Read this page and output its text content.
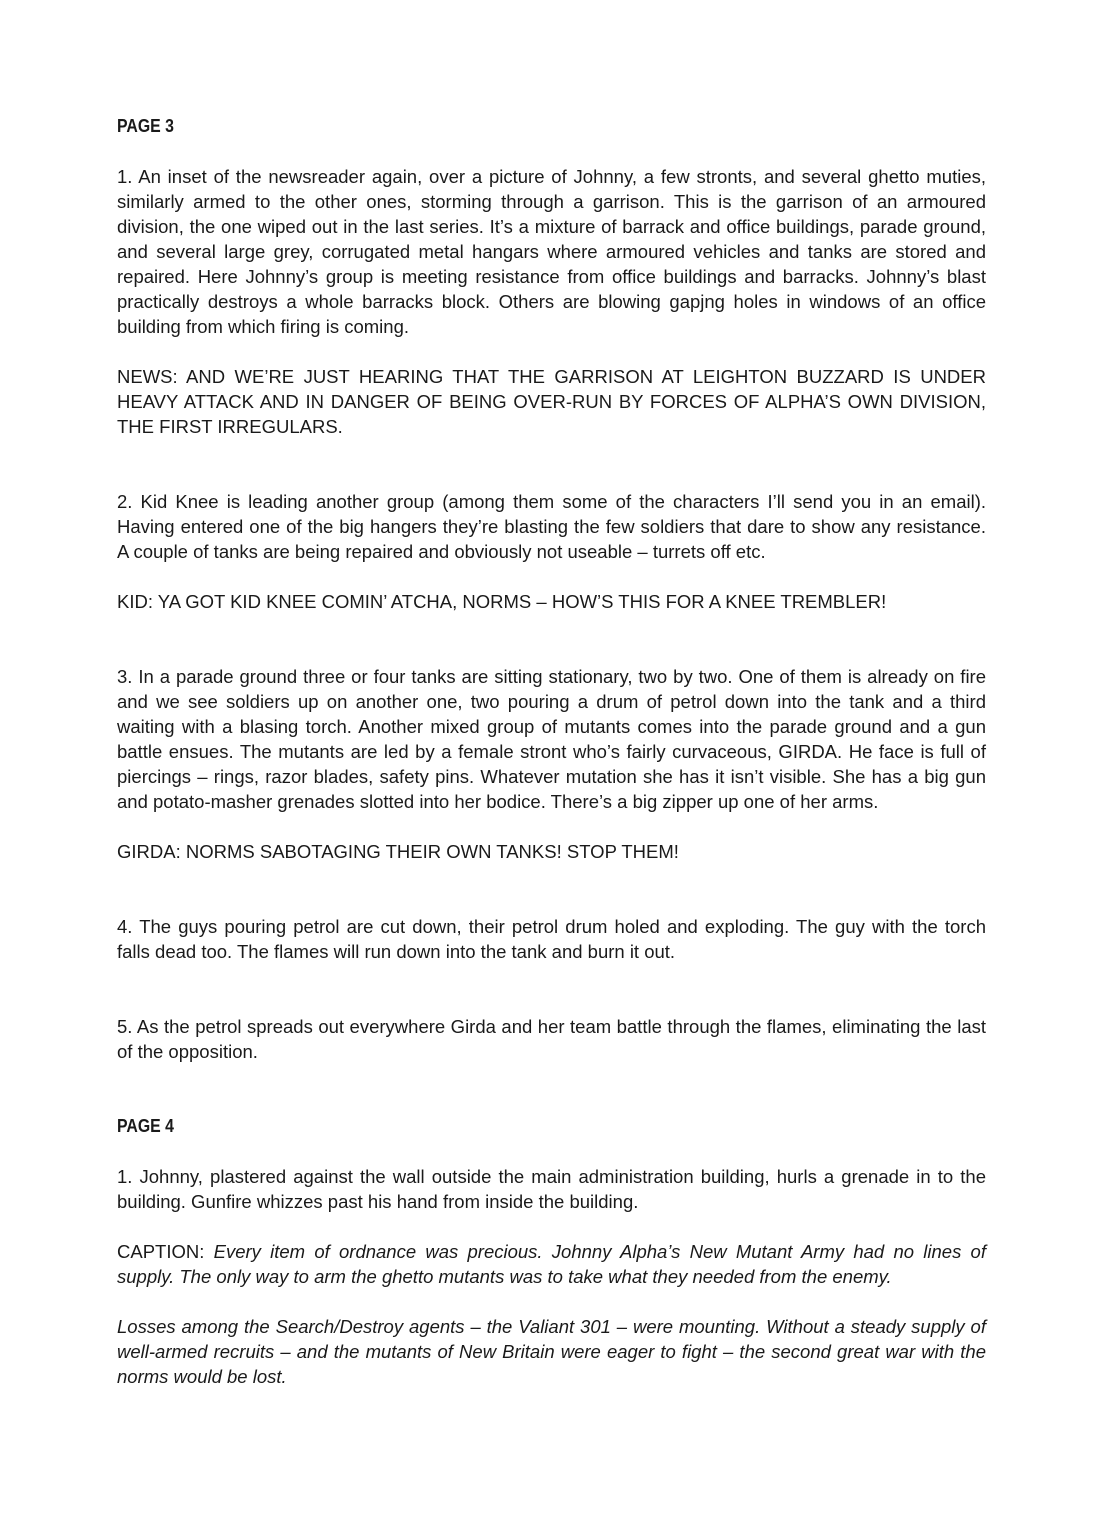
PAGE 3

1. An inset of the newsreader again, over a picture of Johnny, a few stronts, and several ghetto muties, similarly armed to the other ones, storming through a garrison. This is the garrison of an armoured division, the one wiped out in the last series. It’s a mixture of barrack and office buildings, parade ground, and several large grey, corrugated metal hangars where armoured vehicles and tanks are stored and repaired. Here Johnny’s group is meeting resistance from office buildings and barracks. Johnny’s blast practically destroys a whole barracks block. Others are blowing gapjng holes in windows of an office building from which firing is coming.

NEWS: AND WE’RE JUST HEARING THAT THE GARRISON AT LEIGHTON BUZZARD IS UNDER HEAVY ATTACK AND IN DANGER OF BEING OVER-RUN BY FORCES OF ALPHA’S OWN DIVISION, THE FIRST IRREGULARS.

2. Kid Knee is leading another group (among them some of the characters I’ll send you in an email). Having entered one of the big hangers they’re blasting the few soldiers that dare to show any resistance. A couple of tanks are being repaired and obviously not useable – turrets off etc.

KID: YA GOT KID KNEE COMIN’ ATCHA, NORMS – HOW’S THIS FOR A KNEE TREMBLER!

3. In a parade ground three or four tanks are sitting stationary, two by two. One of them is already on fire and we see soldiers up on another one, two pouring a drum of petrol down into the tank and a third waiting with a blasing torch. Another mixed group of mutants comes into the parade ground and a gun battle ensues. The mutants are led by a female stront who’s fairly curvaceous, GIRDA. He face is full of piercings – rings, razor blades, safety pins. Whatever mutation she has it isn’t visible. She has a big gun and potato-masher grenades slotted into her bodice. There’s a big zipper up one of her arms.

GIRDA: NORMS SABOTAGING THEIR OWN TANKS! STOP THEM!

4. The guys pouring petrol are cut down, their petrol drum holed and exploding. The guy with the torch falls dead too. The flames will run down into the tank and burn it out.

5. As the petrol spreads out everywhere Girda and her team battle through the flames, eliminating the last of the opposition.

PAGE 4

1. Johnny, plastered against the wall outside the main administration building, hurls a grenade in to the building. Gunfire whizzes past his hand from inside the building.

CAPTION: Every item of ordnance was precious. Johnny Alpha’s New Mutant Army had no lines of supply. The only way to arm the ghetto mutants was to take what they needed from the enemy.

Losses among the Search/Destroy agents – the Valiant 301 – were mounting. Without a steady supply of well-armed recruits – and the mutants of New Britain were eager to fight – the second great war with the norms would be lost.
